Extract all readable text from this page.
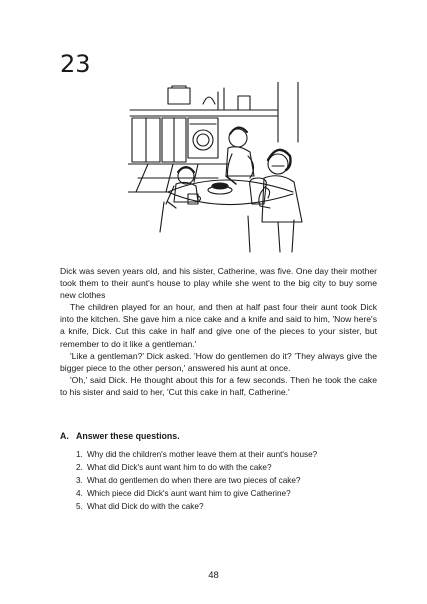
23

Dick was seven years old, and his sister, Catherine, was five. One day their mother took them to their aunt's house to play while she went to the big city to buy some new clothes

The children played for an hour, and then at half past four their aunt took Dick into the kitchen. She gave him a nice cake and a knife and said to him, 'Now here's a knife, Dick. Cut this cake in half and give one of the pieces to your sister, but remember to do it like a gentleman.'

'Like a gentleman?' Dick asked. 'How do gentlemen do it? 'They always give the bigger piece to the other person,' answered his aunt at once.

'Oh,' said Dick. He thought about this for a few seconds. Then he took the cake to his sister and said to her, 'Cut this cake in half, Catherine.'

A. Answer these questions.
1. Why did the children's mother leave them at their aunt's house?
2. What did Dick's aunt want him to do with the cake?
3. What do gentlemen do when there are two pieces of cake?
4. Which piece did Dick's aunt want him to give Catherine?
5. What did Dick do with the cake?
48
